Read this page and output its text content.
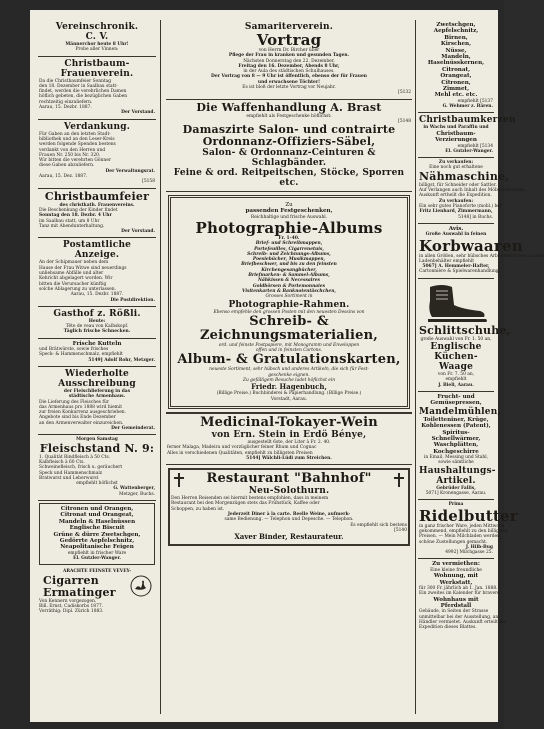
Vereinschronik.
C. V.
Männerchor heute 8 Uhr!
Probe aller Vinnen:
Christbaum-Frauenverein.
Da die Christbaumfeier Sonntag
den 18. Dezember in Saalbau statt-
findet, werden die verehrlichen Damen
höflich gebeten, die bezüglichen Gaben
rechtzeitig einzuliefern.
Aarau, 15. Dezbr. 1887.
Der Vorstand.
Verdankung.
Für Gaben an den letzten Stadt-
bibliothek und an den Leser-Kreis
werden folgende Spenden bestens
verdankt von den Herren und
Frauen Nr. 250 bis Nr. 320.
Wir bitten die verehrten Gönner
diese Gaben abzuliefern.
Der Verwaltungsrat.
Aarau, 15. Dez. 1887.
[5158
Christbaumfeier
des christkath. Frauenvereins.
Die Beschenkung der Kinder findet
Sonntag den 18. Dezbr. 4 Uhr
im Saalbau statt, um 8 Uhr
Tanz mit Abendunterhaltung.
Der Vorstand.
Postamtliche Anzeige.
An der Schipmauer neben dem
Hause der Frau Witwe sind neuerdings
unliebsame Abfälle und alter
Kehricht abgelagert worden. Wir
bitten die Verursacher künftig
solche Ablagerung zu unterlassen.
Aarau, 15. Dezbr. 1887.
Die Postdirektion.
Gasthof z. Rößli.
Heute:
Tête de veau von Kalbskopf.
Täglich frische Schnecken.
Frische Kutteln
und Brätwürste, sowie frisches
Speck- & Hammenschmalz, empfiehlt
5149] Adolf Rohr, Metzger.
Wiederholte Ausschreibung
der Fleischlieferung in das
städtische Armenhaus.
Die Lieferung des Fleisches für
das Armenhaus pro 1888 wird hiemit
zur freien Konkurrenz ausgeschrieben.
Angebote sind bis Ende Dezember
an den Armenverwalter einzureichen.
Der Gemeinderat.
Morgen Samstag
Fleischstand N. 9:
1. Qualität Rindfleisch à 50 Cts.
Kalbfleisch à 60 Cts.
Schweinefleisch, frisch u. geräuchert
Speck und Hammenschmalz
Bratwurst und Leberwurst
empfiehlt höflichst
G. Wattenberger,
Metzger, Buchs.
Citronen und Orangen,
Citronat und Orangeat,
Mandeln & Haselnüssen
Englische Biscuit
Grüne & dürre Zwetschgen,
Gedörrte Aepfelschnitz,
Neapolitanische Feigen
empfiehlt in frischer Ware
El. Gutzler-Wanger.
ARACHTE FEINSTE VEVEY-
Cigarren
Ermatinger
Von Kennern vorgezogen.
Bill. Ernst, Cadiskorbs 1877.
Vorräthig: Dipl. Zürich 1883.
Samariterverein.
Vortrag
von Herrn Dr. Bircher über
Pflege der Frau in kranken und gesunden Tagen.
Nächsten Donnerstag den 22. Dezember,
Freitag den 16. Dezember, Abends 8 Uhr,
in der Aula des städtischen Schulhauses.
Der Vortrag von 8 — 9 Uhr ist öffentlich, ebenso der für Frauen
und erwachsene Töchter!
Es ist bloß der letzte Vortrag vor Neujahr.
[5132
Die Waffenhandlung A. Brast
empfiehlt als Festgeschenke höflichst:
[5148
Damaszirte Salon- und contrairte
Ordonnanz-Offiziers-Säbel,
Salon- & Ordonnanz-Ceinturen & Schlagbänder.
Feine & ord. Reitpeitschen, Stöcke, Sporren etc.
Zu
passenden Festgeschenken,
Reichhaltige und frische Auswahl.
Photographie-Albums
Fr. 1–40.
Brief- und Schreibmappen,
Portefeuilles, Cigarrenetuis,
Schreib- und Zeichnungs-Albums,
Poesiebücher, Musikmappen,
Briefbeschwer, und bis zu den feinsten
Kirchengesangbücher,
Briefmarken- & Sammel-Albums,
Nähkissen & Necessaires
Goldbörsen & Portemonnaies
Visitenkarten & Banknotentäschchen,
Grosses Sortiment in
Photographie-Rahmen.
Ebenso empfehle den grossen Posten mit den neuesten Dessins von
Schreib- & Zeichnungsmaterialien,
ord. und feinste Postpapiere, mit Monogramm und Enveloppen
offen und in feinsten Cartons.
Album- & Gratulationskarten,
neueste Sortiment, sehr hübsch und anderes Artikeln, die sich für Fest-
geschenke eignen.
Zu gefälligem Besuche ladet höflichst ein
Friedr. Hagenbuch,
(Billige Preise.) Buchbinderei & Papierhandlung. (Billige Preise.)
Vorstadt, Aarau.
Medicinal-Tokayer-Wein
von Ern. Stein in Erdö Bénye,
ausgestellt 6ste, der Liter à Fr. 2. 40.
ferner Malaga, Madeira und vorzüglicher feiner Rhum und Cognac
Alles in verschiedenen Qualitäten, empfiehlt zu billigsten Preisen
5144] Wälchli-Lüdi zum Streichen.
Restaurant "Bahnhof"
Neu-Solothurn.
Den Herren Reisenden sei hiermit bestens empfohlen, dass in meinem
Restaurant bei den Morgenzügen stets das Frühstück, Kaffee oder
Schoppen, zu haben ist.
Jederzeit Diner à la carte. Reelle Weine, aufmerk-
same Bedienung. — Telephon und Depesche. — Telephon.
Es empfiehlt sich bestens
[5140
Xaver Binder, Restaurateur.
Zwetschgen,
Aepfelschnitz,
Birnen,
Kirschen,
Nüsse,
Mandeln,
Haselnüsskernen,
Citronat,
Orangeat,
Citronen,
Zimmet,
Mehl etc. etc.
empfiehlt [5137
G. Wehmer z. Bären.
Christbaumkerzen
in Wachs und Paraffin und
Christbaum-Verzierungen
empfiehlt [5134
El. Gutzler-Wanger.
Zu verkaufen:
Eine noch gut erhaltene
Nähmaschine,
billigst, für Schneider oder Sattler.
Auf Verlangen auch Inhalt des Möbelschrankes.
Auskunft ertheilt die Expedition.
Zu verkaufen:
Ein sehr gutes Pianoforte (mobl.) bei
Fritz Lienhard, Zimmermann,
5148] in Buchs.
Avis.
Große Auswahl in feinen
Korbwaaren
in allen Größen, sehr hübsches Arbeitskörbchen auf das
Ladenbehälter empfiehlt
5067] A. Hemmeler-Hafter,
Cartonnière & Spielwarenhandlung.
Schlittschuhe,
große Auswahl von Fr. 1. 50 an,
Englische Küchen-Waage
von Fr. 7. 50 an,
empfiehlt
J. Bieli, Aarau.
Frucht- und Gemüsepressen,
Mandelmühlen,
Toiletteniner, Krüge,
Kohlenessen (Patent),
Spiritus-Schnellwärmer,
Waschplätten,
Kochgeschirre
in Email, Messing und Stahl,
sowie sämtliche
Haushaltungs-Artikel.
Gebrüder Fallis,
5071] Kronengasse, Aarau.
Prima
Ridelbutter
in ganz frischer Ware, jeden Mittwoch
gekommend, empfiehlt zu den billigsten
Preisen. — Mein Milchladen werden
schöne Zustellungen gemacht.
J. Hilb-Bug
4992] Milchgasse 25.
Zu vermiethen:
Eine kleine freundliche
Wohnung, mit Werkstatt,
für 300 Fr. jährlich ab 1. Jan. 1888.
Ein zweites im Kalender für bravere,
Wohnhaus mit Pferdstall
Gebäude, in Seiten der Strasse
unmittelbar bei der Ausstellung, an
Händler vermietet. Auskunft erteilt die
Expedition dieses Blattes.
